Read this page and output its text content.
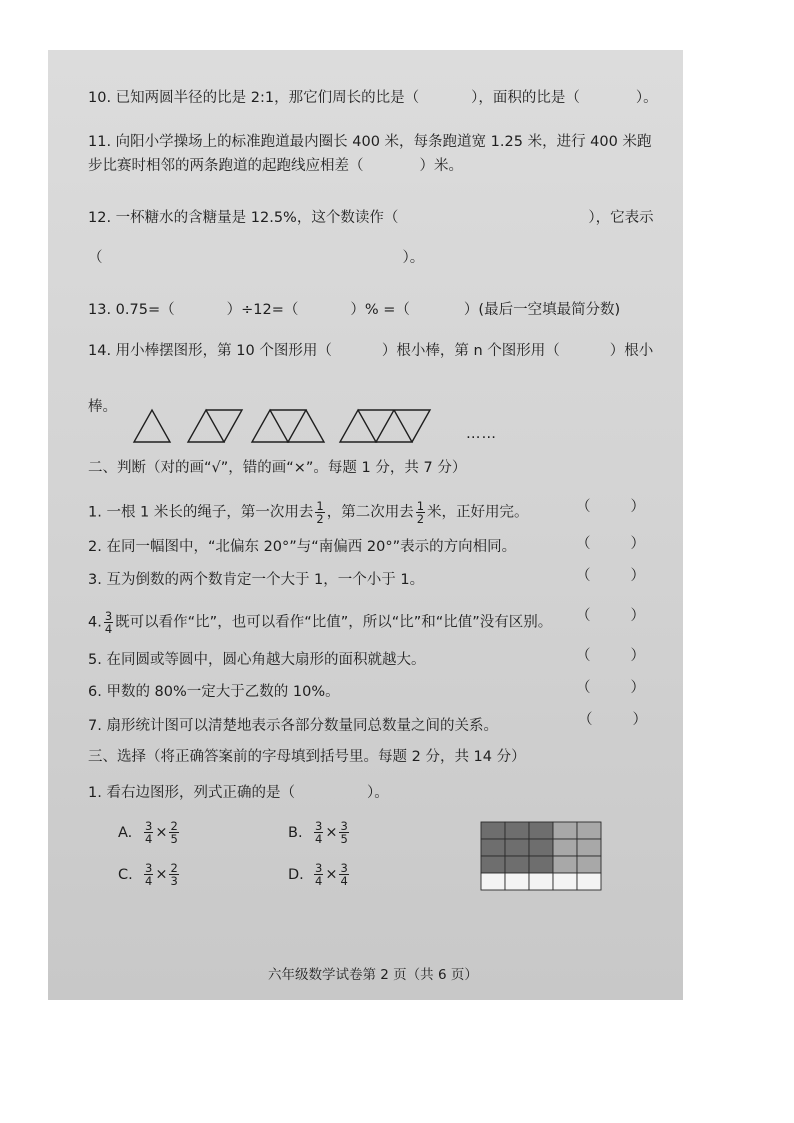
10. 已知两圆半径的比是 2:1，那它们周长的比是（	），面积的比是（	）。
11. 向阳小学操场上的标准跑道最内圈长 400 米，每条跑道宽 1.25 米，进行 400 米跑
步比赛时相邻的两条跑道的起跑线应相差（	）米。
12. 一杯糖水的含糖量是 12.5%，这个数读作（	），它表示
（	）。
13. 0.75=（	）÷12=（	）% =（	）(最后一空填最简分数)
14. 用小棒摆图形，第 10 个图形用（	）根小棒，第 n 个图形用（	）根小
棒。
……
二、判断（对的画“√”，错的画“×”。每题 1 分，共 7 分）
1. 一根 1 米长的绳子，第一次用去 $\frac{1}{2}$ ，第二次用去 $\frac{1}{2}$ 米，正好用完。
2. 在同一幅图中，“北偏东 20°”与“南偏西 20°”表示的方向相同。
3. 互为倒数的两个数肯定一个大于 1，一个小于 1。
4. $\frac{3}{4}$ 既可以看作“比”，也可以看作“比值”，所以“比”和“比值”没有区别。
5. 在同圆或等圆中，圆心角越大扇形的面积就越大。
6. 甲数的 80%一定大于乙数的 10%。
7. 扇形统计图可以清楚地表示各部分数量同总数量之间的关系。
（	）
（	）
（	）
（	）
（	）
（	）
（	）
三、选择（将正确答案前的字母填到括号里。每题 2 分，共 14 分）
1. 看右边图形，列式正确的是（	）。
A. $\frac{3}{4} \times \frac{2}{5}$	B. $\frac{3}{4} \times \frac{3}{5}$
C. $\frac{3}{4} \times \frac{2}{3}$	D. $\frac{3}{4} \times \frac{3}{4}$
六年级数学试卷第 2 页（共 6 页）
